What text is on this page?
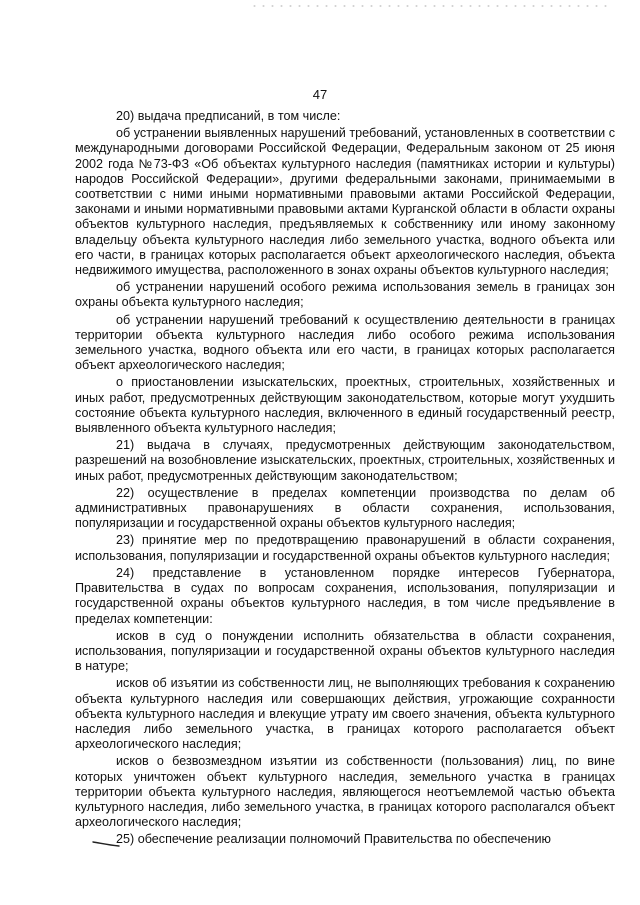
47

20) выдача предписаний, в том числе:

об устранении выявленных нарушений требований, установленных в соответствии с международными договорами Российской Федерации, Федеральным законом от 25 июня 2002 года №73-ФЗ «Об объектах культурного наследия (памятниках истории и культуры) народов Российской Федерации», другими федеральными законами, принимаемыми в соответствии с ними иными нормативными правовыми актами Российской Федерации, законами и иными нормативными правовыми актами Курганской области в области охраны объектов культурного наследия, предъявляемых к собственнику или иному законному владельцу объекта культурного наследия либо земельного участка, водного объекта или его части, в границах которых располагается объект археологического наследия, объекта недвижимого имущества, расположенного в зонах охраны объектов культурного наследия;

об устранении нарушений особого режима использования земель в границах зон охраны объекта культурного наследия;

об устранении нарушений требований к осуществлению деятельности в границах территории объекта культурного наследия либо особого режима использования земельного участка, водного объекта или его части, в границах которых располагается объект археологического наследия;

о приостановлении изыскательских, проектных, строительных, хозяйственных и иных работ, предусмотренных действующим законодательством, которые могут ухудшить состояние объекта культурного наследия, включенного в единый государственный реестр, выявленного объекта культурного наследия;

21) выдача в случаях, предусмотренных действующим законодательством, разрешений на возобновление изыскательских, проектных, строительных, хозяйственных и иных работ, предусмотренных действующим законодательством;

22) осуществление в пределах компетенции производства по делам об административных правонарушениях в области сохранения, использования, популяризации и государственной охраны объектов культурного наследия;

23) принятие мер по предотвращению правонарушений в области сохранения, использования, популяризации и государственной охраны объектов культурного наследия;

24) представление в установленном порядке интересов Губернатора, Правительства в судах по вопросам сохранения, использования, популяризации и государственной охраны объектов культурного наследия, в том числе предъявление в пределах компетенции:

исков в суд о понуждении исполнить обязательства в области сохранения, использования, популяризации и государственной охраны объектов культурного наследия в натуре;

исков об изъятии из собственности лиц, не выполняющих требования к сохранению объекта культурного наследия или совершающих действия, угрожающие сохранности объекта культурного наследия и влекущие утрату им своего значения, объекта культурного наследия либо земельного участка, в границах которого располагается объект археологического наследия;

исков о безвозмездном изъятии из собственности (пользования) лиц, по вине которых уничтожен объект культурного наследия, земельного участка в границах территории объекта культурного наследия, являющегося неотъемлемой частью объекта культурного наследия, либо земельного участка, в границах которого располагался объект археологического наследия;

25) обеспечение реализации полномочий Правительства по обеспечению
